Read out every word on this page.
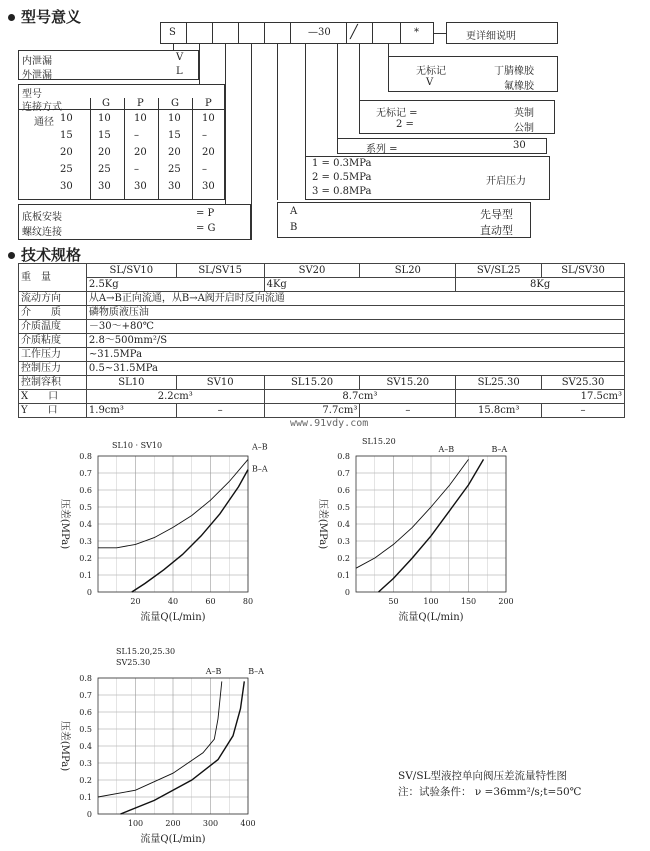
型号意义
S	—30 ╱	*	更详细说明
内泄漏	V
外泄漏	L	无标记	丁腈橡胶
V	氟橡胶
无标记 =	英制
2 =	公制
系列 =	30
1 = 0.3MPa
2 = 0.5MPa
3 = 0.8MPa
开启压力
A	先导型
B	直动型
型号
连接方式	G	P	G	P
通径 10	10 10 10 10
15	15 –	15 –
20	20 20 20 20
25	25 –	25 –
30	30 30 30 30
底板安装	= P
螺纹连接	= G
技术规格
重　量	SL/SV10	SL/SV15	SV20	SL20	SV/SL25	SL/SV30
	2.5Kg		4Kg		8Kg	
流动方向	从A→B正向流通，从B→A阀开启时反向流通					
介　　质	磷物质液压油					
介质温度	－30～+80℃					
介质粘度	2.8～500mm²/S					
工作压力	~31.5MPa					
控制压力	0.5~31.5MPa					
控制容积	SL10	SV10	SL15.20	SV15.20	SL25.30	SV25.30
X　　口	2.2cm³		8.7cm³		17.5cm³	
Y　　口	1.9cm³	–	7.7cm³	–	15.8cm³	–
www.91vdy.com
0
0.1
0.2
0.3
0.4
0.5
0.6
0.7
0.8
20	40	60	80
SL10 · SV10
压差(MPa)
流量Q(L/min)
A–B
B–A
0
0.1
0.2
0.3
0.4
0.5
0.6
0.7
0.8
50	100	150	200
SL15.20
压差(MPa)
流量Q(L/min)
A–B	B–A
0
0.1
0.2
0.3
0.4
0.5
0.6
0.7
0.8
100	200	300	400
SL15.20,25.30
SV25.30
压差(MPa)
流量Q(L/min)
A–B	B–A
SV/SL型液控单向阀压差流量特性图
注：试验条件： ν =36mm²/s;t=50℃
